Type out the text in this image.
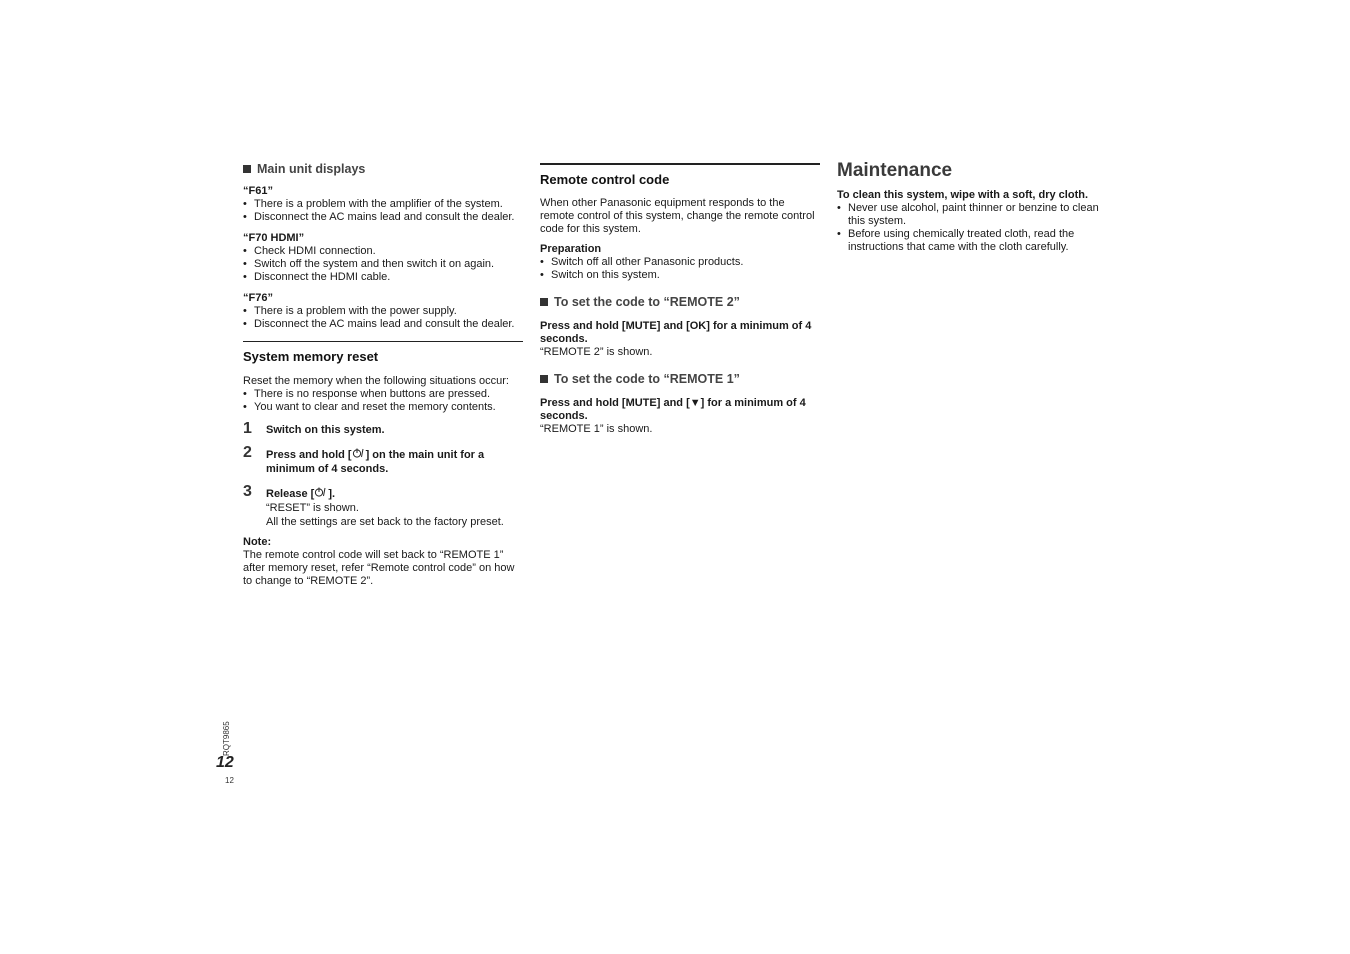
Main unit displays
“F61”
• There is a problem with the amplifier of the system.
• Disconnect the AC mains lead and consult the dealer.
“F70 HDMI”
• Check HDMI connection.
• Switch off the system and then switch it on again.
• Disconnect the HDMI cable.
“F76”
• There is a problem with the power supply.
• Disconnect the AC mains lead and consult the dealer.
System memory reset
Reset the memory when the following situations occur:
• There is no response when buttons are pressed.
• You want to clear and reset the memory contents.
1	Switch on this system.
2	Press and hold [ ] on the main unit for a minimum of 4 seconds.
3	Release [ ].
“RESET” is shown.
All the settings are set back to the factory preset.
Note:
The remote control code will set back to “REMOTE 1” after memory reset, refer “Remote control code” on how to change to “REMOTE 2”.
Remote control code
When other Panasonic equipment responds to the remote control of this system, change the remote control code for this system.
Preparation
• Switch off all other Panasonic products.
• Switch on this system.
To set the code to “REMOTE 2”
Press and hold [MUTE] and [OK] for a minimum of 4 seconds.
“REMOTE 2” is shown.
To set the code to “REMOTE 1”
Press and hold [MUTE] and [▼] for a minimum of 4 seconds.
“REMOTE 1” is shown.
Maintenance
To clean this system, wipe with a soft, dry cloth.
• Never use alcohol, paint thinner or benzine to clean this system.
• Before using chemically treated cloth, read the instructions that came with the cloth carefully.
RQT9865
12
12
